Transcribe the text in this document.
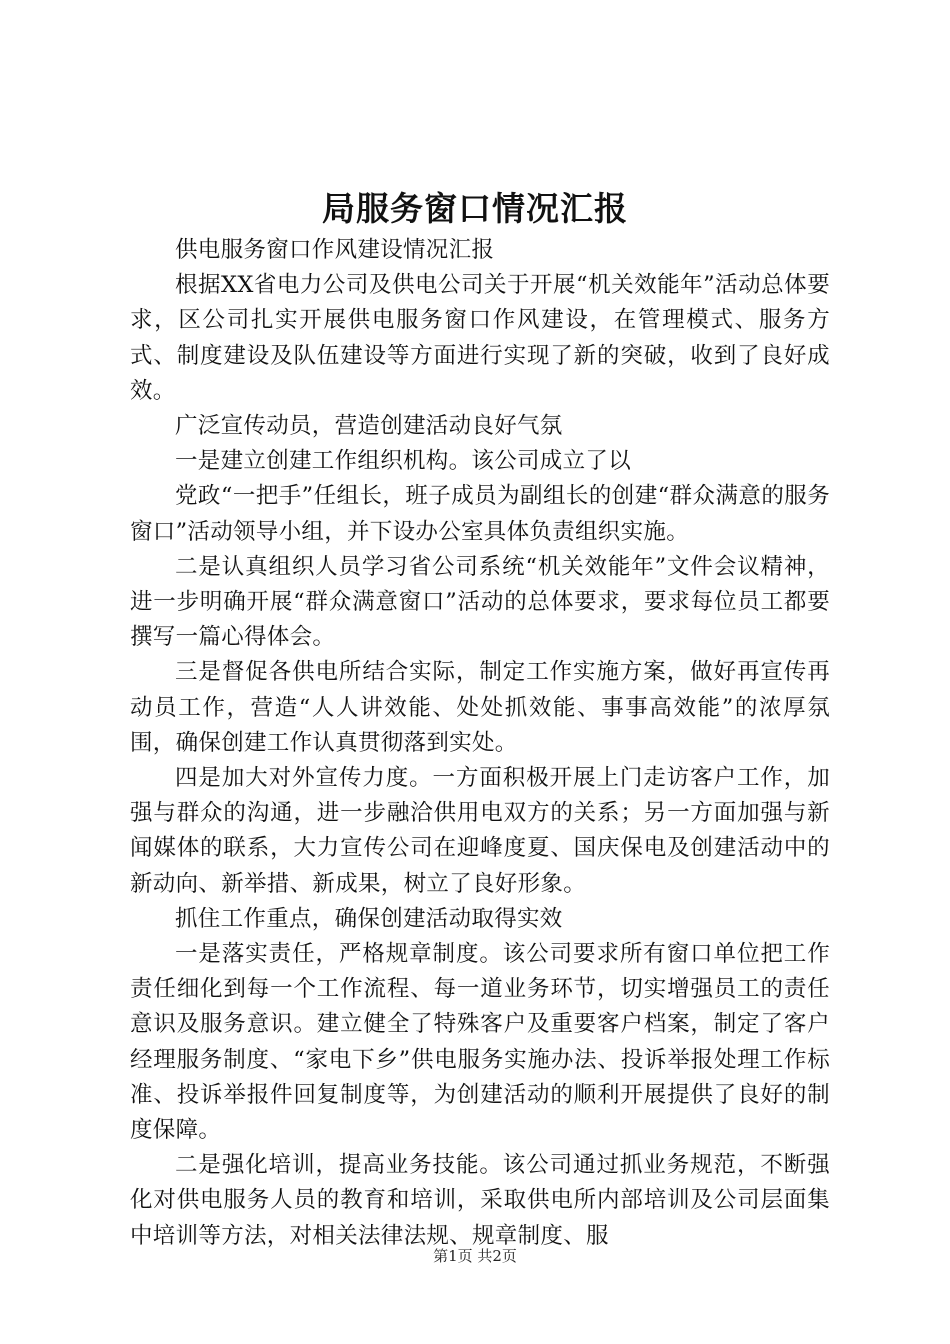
局服务窗口情况汇报

供电服务窗口作风建设情况汇报

根据XX省电力公司及供电公司关于开展“机关效能年”活动总体要求，区公司扎实开展供电服务窗口作风建设，在管理模式、服务方式、制度建设及队伍建设等方面进行实现了新的突破，收到了良好成效。

广泛宣传动员，营造创建活动良好气氛

一是建立创建工作组织机构。该公司成立了以

党政“一把手”任组长，班子成员为副组长的创建“群众满意的服务窗口”活动领导小组，并下设办公室具体负责组织实施。

二是认真组织人员学习省公司系统“机关效能年”文件会议精神，进一步明确开展“群众满意窗口”活动的总体要求，要求每位员工都要撰写一篇心得体会。

三是督促各供电所结合实际，制定工作实施方案，做好再宣传再动员工作，营造“人人讲效能、处处抓效能、事事高效能”的浓厚氛围，确保创建工作认真贯彻落到实处。

四是加大对外宣传力度。一方面积极开展上门走访客户工作，加强与群众的沟通，进一步融洽供用电双方的关系；另一方面加强与新闻媒体的联系，大力宣传公司在迎峰度夏、国庆保电及创建活动中的新动向、新举措、新成果，树立了良好形象。

抓住工作重点，确保创建活动取得实效

一是落实责任，严格规章制度。该公司要求所有窗口单位把工作责任细化到每一个工作流程、每一道业务环节，切实增强员工的责任意识及服务意识。建立健全了特殊客户及重要客户档案，制定了客户经理服务制度、“家电下乡”供电服务实施办法、投诉举报处理工作标准、投诉举报件回复制度等，为创建活动的顺利开展提供了良好的制度保障。

二是强化培训，提高业务技能。该公司通过抓业务规范，不断强化对供电服务人员的教育和培训，采取供电所内部培训及公司层面集中培训等方法，对相关法律法规、规章制度、服

第1页 共2页
